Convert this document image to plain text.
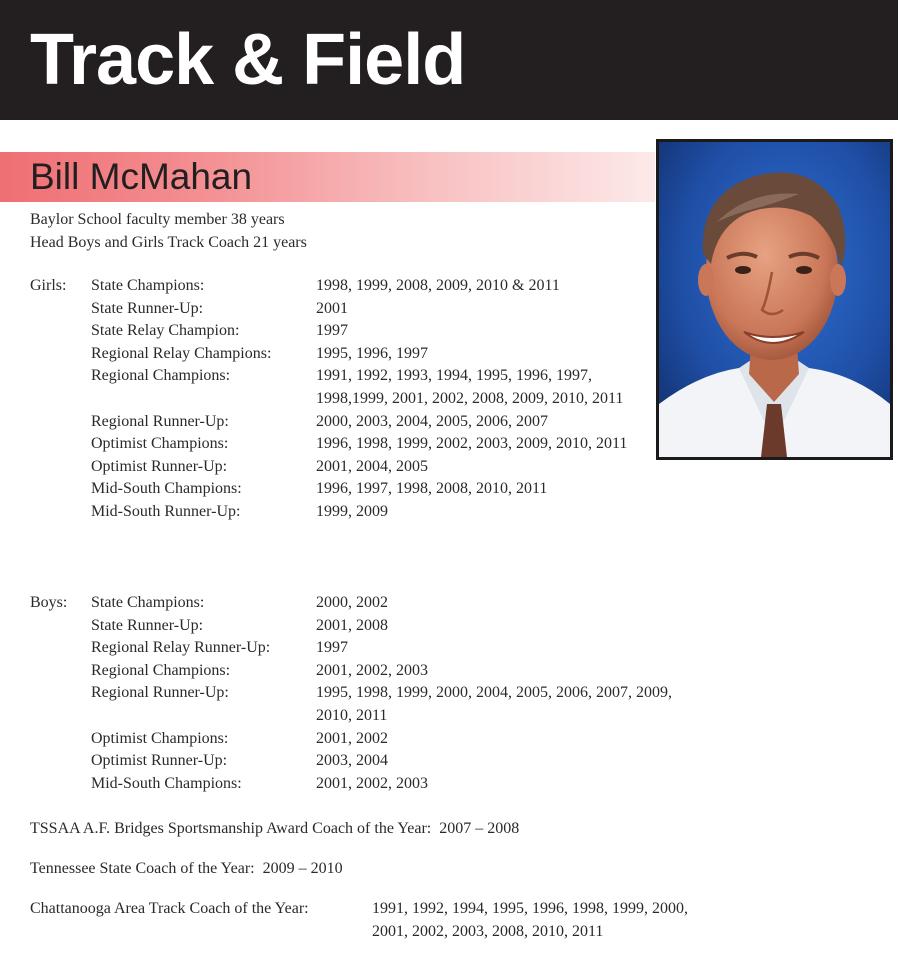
Track & Field
Bill McMahan
Baylor School faculty member 38 years
Head Boys and Girls Track Coach 21 years
Girls: State Champions:	1998, 1999, 2008, 2009, 2010 & 2011
State Runner-Up:	2001
State Relay Champion:	1997
Regional Relay Champions:	1995, 1996, 1997
Regional Champions:	1991, 1992, 1993, 1994, 1995, 1996, 1997, 1998,1999, 2001, 2002, 2008, 2009, 2010, 2011
Regional Runner-Up:	2000, 2003, 2004, 2005, 2006, 2007
Optimist Champions:	1996, 1998, 1999, 2002, 2003, 2009, 2010, 2011
Optimist Runner-Up:	2001, 2004, 2005
Mid-South Champions:	1996, 1997, 1998, 2008, 2010, 2011
Mid-South Runner-Up:	1999, 2009
Boys: State Champions:	2000, 2002
State Runner-Up:	2001, 2008
Regional Relay Runner-Up:	1997
Regional Champions:	2001, 2002, 2003
Regional Runner-Up:	1995, 1998, 1999, 2000, 2004, 2005, 2006, 2007, 2009, 2010, 2011
Optimist Champions:	2001, 2002
Optimist Runner-Up:	2003, 2004
Mid-South Champions:	2001, 2002, 2003
TSSAA A.F. Bridges Sportsmanship Award Coach of the Year: 2007 – 2008
Tennessee State Coach of the Year: 2009 – 2010
Chattanooga Area Track Coach of the Year:	1991, 1992, 1994, 1995, 1996, 1998, 1999, 2000, 2001, 2002, 2003, 2008, 2010, 2011
